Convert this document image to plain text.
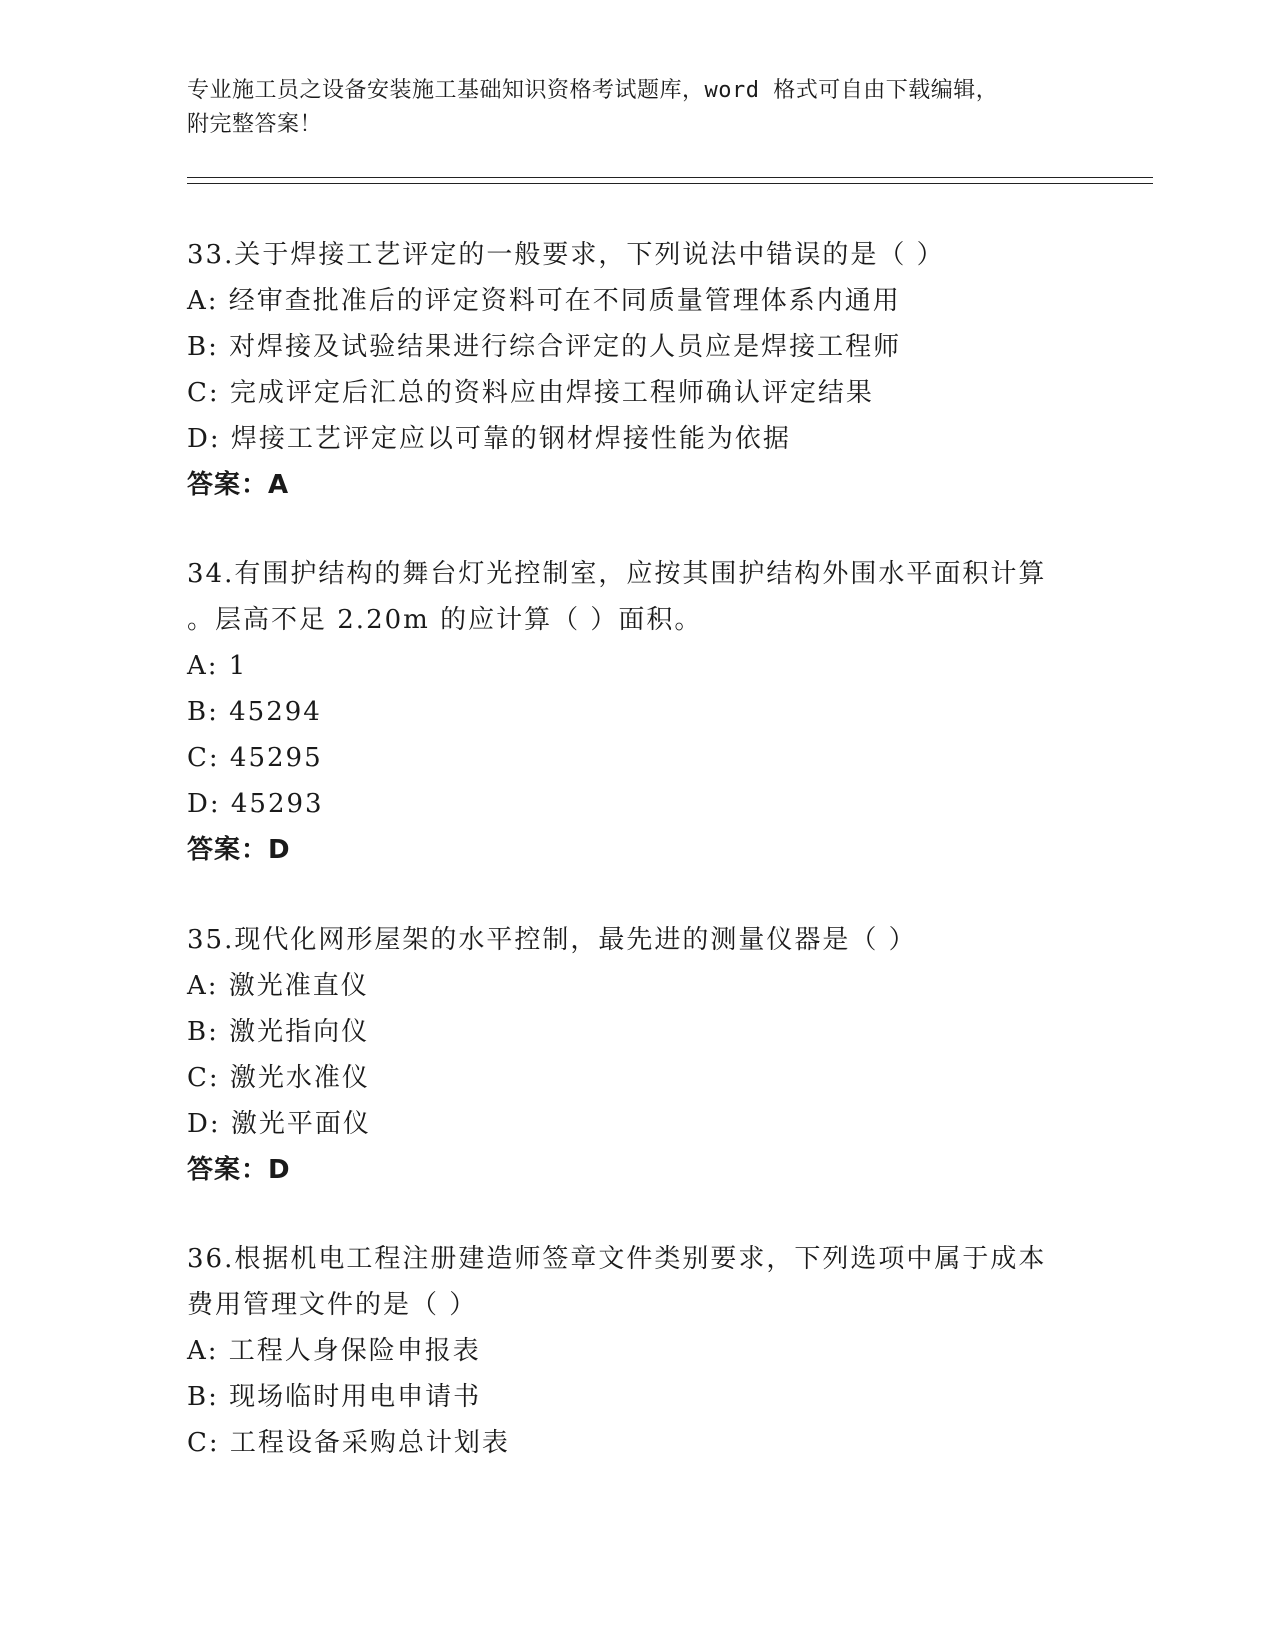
专业施工员之设备安装施工基础知识资格考试题库，word 格式可自由下载编辑，

附完整答案！

33.关于焊接工艺评定的一般要求，下列说法中错误的是（ ）
A: 经审查批准后的评定资料可在不同质量管理体系内通用
B: 对焊接及试验结果进行综合评定的人员应是焊接工程师
C: 完成评定后汇总的资料应由焊接工程师确认评定结果
D: 焊接工艺评定应以可靠的钢材焊接性能为依据
答案：A
34.有围护结构的舞台灯光控制室，应按其围护结构外围水平面积计算
。层高不足 2.20m 的应计算（ ）面积。
A: 1
B: 45294
C: 45295
D: 45293
答案：D
35.现代化网形屋架的水平控制，最先进的测量仪器是（ ）
A: 激光准直仪
B: 激光指向仪
C: 激光水准仪
D: 激光平面仪
答案：D
36.根据机电工程注册建造师签章文件类别要求，下列选项中属于成本
费用管理文件的是（ ）
A: 工程人身保险申报表
B: 现场临时用电申请书
C: 工程设备采购总计划表
